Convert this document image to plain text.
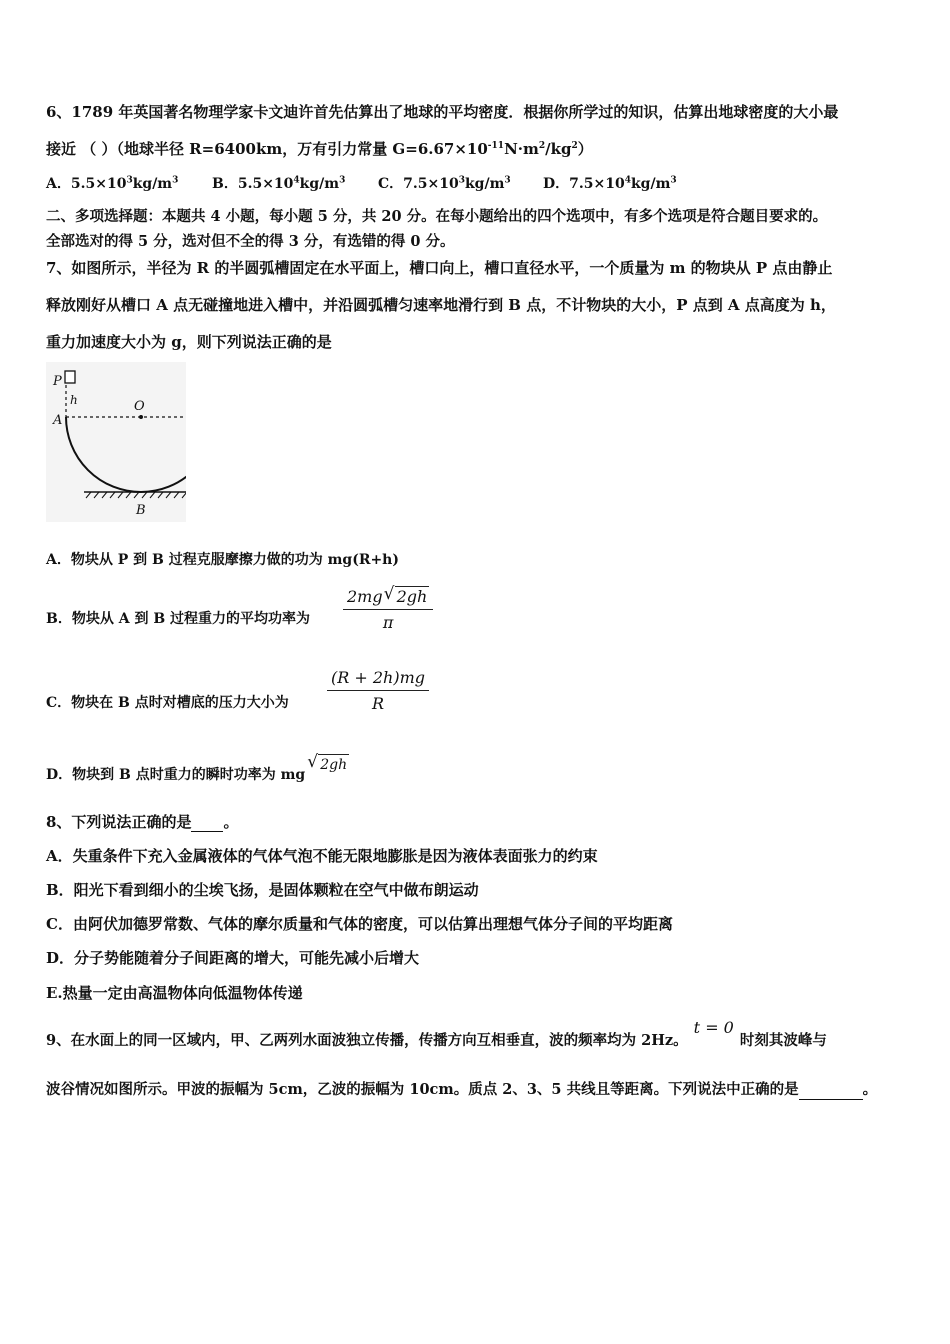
6、1789 年英国著名物理学家卡文迪许首先估算出了地球的平均密度．根据你所学过的知识，估算出地球密度的大小最
接近 （ ）（地球半径 R=6400km，万有引力常量 $G=6.67\times 10^{-11}N\cdot m^2/kg^2$）
A．$5.5\times 10^3kg/m^3$ B．$5.5\times 10^4kg/m^3$ C．$7.5\times 10^3kg/m^3$ D．$7.5\times 10^4kg/m^3$
二、多项选择题：本题共 4 小题，每小题 5 分，共 20 分。在每小题给出的四个选项中，有多个选项是符合题目要求的。
全部选对的得 5 分，选对但不全的得 3 分，有选错的得 0 分。
7、如图所示，半径为 R 的半圆弧槽固定在水平面上，槽口向上，槽口直径水平，一个质量为 m 的物块从 P 点由静止
释放刚好从槽口 A 点无碰撞地进入槽中，并沿圆弧槽匀速率地滑行到 B 点，不计物块的大小，P 点到 A 点高度为 h，
重力加速度大小为 g，则下列说法正确的是
P
h	O
A
B
A．物块从 P 到 B 过程克服摩擦力做的功为 mg(R+h)
B．物块从 A 到 B 过程重力的平均功率为 $\frac{2mg√ 2gh}{\pi}$
C．物块在 B 点时对槽底的压力大小为 $\frac{(R + 2h)mg}{R}$
D．物块到 B 点时重力的瞬时功率为 mg√ 2gh
8、下列说法正确的是 。
A．失重条件下充入金属液体的气体气泡不能无限地膨胀是因为液体表面张力的约束
B．阳光下看到细小的尘埃飞扬，是固体颗粒在空气中做布朗运动
C．由阿伏加德罗常数、气体的摩尔质量和气体的密度，可以估算出理想气体分子间的平均距离
D．分子势能随着分子间距离的增大，可能先减小后增大
E.热量一定由高温物体向低温物体传递
9、在水面上的同一区域内，甲、乙两列水面波独立传播，传播方向互相垂直，波的频率均为 2Hz。t = 0时刻其波峰与
波谷情况如图所示。甲波的振幅为 5cm，乙波的振幅为 10cm。质点 2、3、5 共线且等距离。下列说法中正确的是	。
